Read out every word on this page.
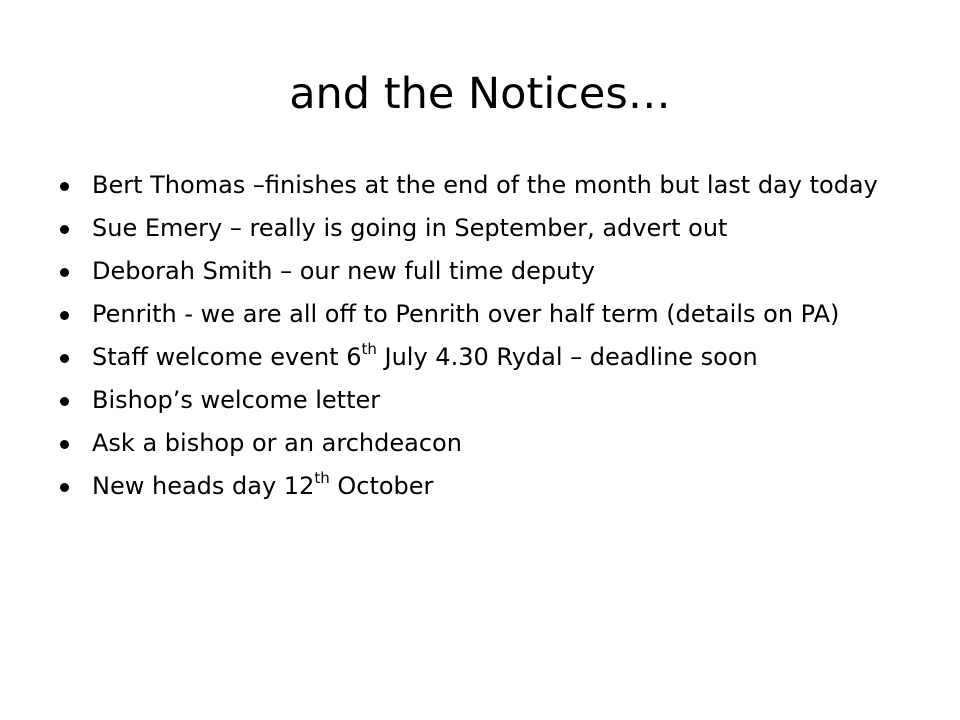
and the Notices…
Bert Thomas –finishes at the end of the month but last day today
Sue Emery – really is going in September, advert out
Deborah Smith – our new full time deputy
Penrith - we are all off to Penrith over half term (details on PA)
Staff welcome event 6th July 4.30 Rydal – deadline soon
Bishop’s welcome letter
Ask a bishop or an archdeacon
New heads day 12th October
